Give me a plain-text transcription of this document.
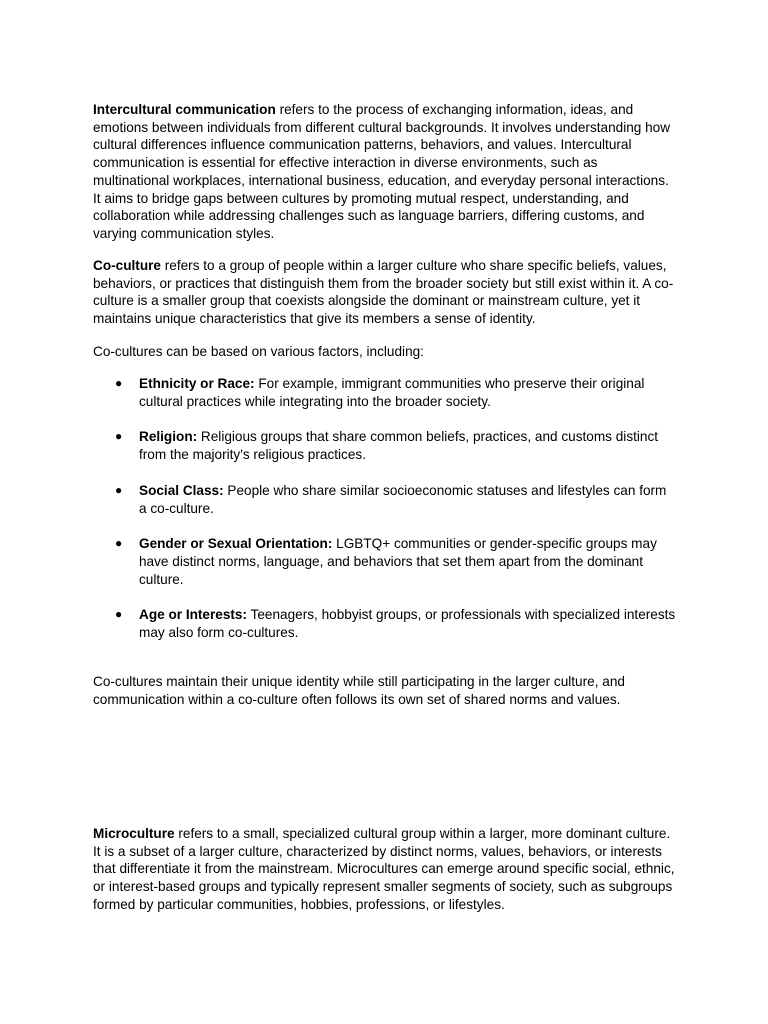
Intercultural communication refers to the process of exchanging information, ideas, and emotions between individuals from different cultural backgrounds. It involves understanding how cultural differences influence communication patterns, behaviors, and values. Intercultural communication is essential for effective interaction in diverse environments, such as multinational workplaces, international business, education, and everyday personal interactions. It aims to bridge gaps between cultures by promoting mutual respect, understanding, and collaboration while addressing challenges such as language barriers, differing customs, and varying communication styles.

Co-culture refers to a group of people within a larger culture who share specific beliefs, values, behaviors, or practices that distinguish them from the broader society but still exist within it. A co-culture is a smaller group that coexists alongside the dominant or mainstream culture, yet it maintains unique characteristics that give its members a sense of identity.

Co-cultures can be based on various factors, including:

● Ethnicity or Race: For example, immigrant communities who preserve their original cultural practices while integrating into the broader society.
● Religion: Religious groups that share common beliefs, practices, and customs distinct from the majority's religious practices.
● Social Class: People who share similar socioeconomic statuses and lifestyles can form a co-culture.
● Gender or Sexual Orientation: LGBTQ+ communities or gender-specific groups may have distinct norms, language, and behaviors that set them apart from the dominant culture.
● Age or Interests: Teenagers, hobbyist groups, or professionals with specialized interests may also form co-cultures.

Co-cultures maintain their unique identity while still participating in the larger culture, and communication within a co-culture often follows its own set of shared norms and values.

Microculture refers to a small, specialized cultural group within a larger, more dominant culture. It is a subset of a larger culture, characterized by distinct norms, values, behaviors, or interests that differentiate it from the mainstream. Microcultures can emerge around specific social, ethnic, or interest-based groups and typically represent smaller segments of society, such as subgroups formed by particular communities, hobbies, professions, or lifestyles.
